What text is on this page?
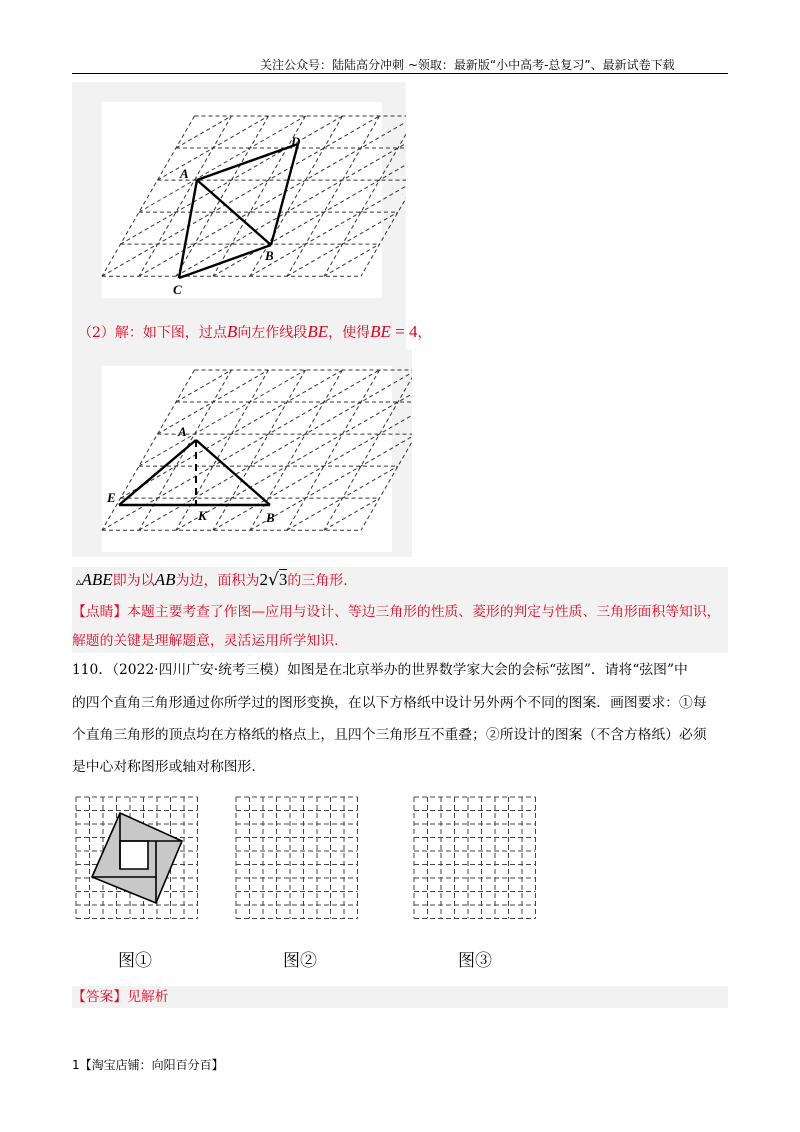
关注公众号：陆陆高分冲刺 ~领取：最新版“小中高考-总复习”、最新试卷下载
A
D
B
C
（2）解：如下图，过点B向左作线段BE，使得BE = 4，
A
E
K	B
▵ABE即为以AB为边，面积为2√3的三角形.
【点睛】本题主要考查了作图—应用与设计、等边三角形的性质、菱形的判定与性质、三角形面积等知识，
解题的关键是理解题意，灵活运用所学知识.
110．（2022·四川广安·统考三模）如图是在北京举办的世界数学家大会的会标“弦图”．请将“弦图”中
的四个直角三角形通过你所学过的图形变换，在以下方格纸中设计另外两个不同的图案．画图要求：①每
个直角三角形的顶点均在方格纸的格点上，且四个三角形互不重叠；②所设计的图案（不含方格纸）必须
是中心对称图形或轴对称图形.
图①	图②	图③
【答案】见解析
1【淘宝店铺：向阳百分百】
